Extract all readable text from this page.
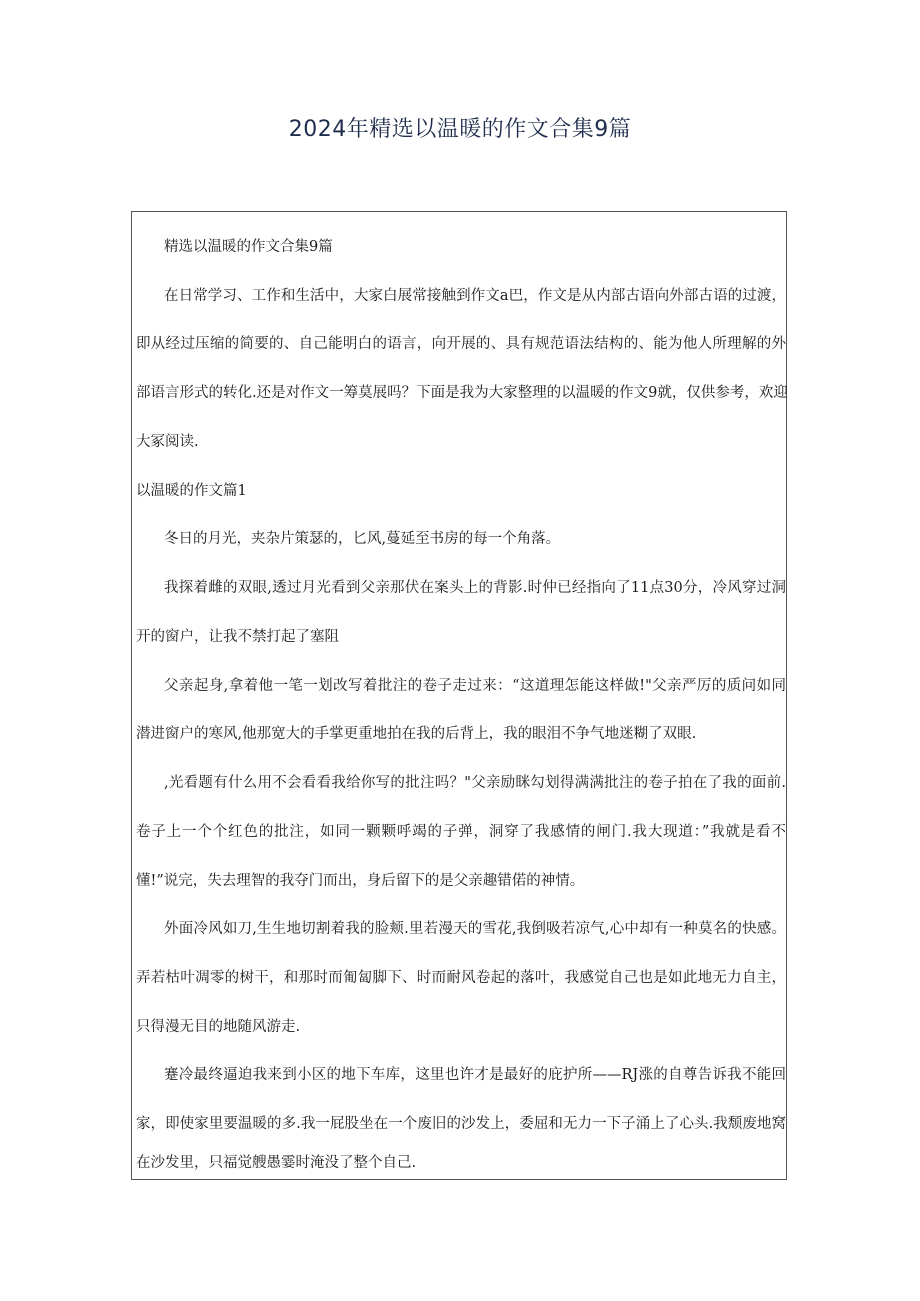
2024年精选以温暖的作文合集9篇
精选以温暖的作文合集9篇
在日常学习、工作和生活中，大家白展常接触到作文a巴，作文是从内部古语向外部古语的过渡，
即从经过压缩的简要的、自己能明白的语言，向开展的、具有规范语法结构的、能为他人所理解的外
部语言形式的转化.还是对作文一筹莫展吗？下面是我为大家整理的以温暖的作文9就，仅供参考，欢迎
大冢阅读.
以温暖的作文篇1
冬日的月光，夹杂片策瑟的，匕风,蔓延至书房的每一个角落。
我探着雌的双眼,透过月光看到父亲那伏在案头上的背影.时仲已经指向了11点30分，冷风穿过洞
开的窗户，让我不禁打起了塞阻
父亲起身,拿着他一笔一划改写着批注的卷子走过来：“这道理怎能这样做!"父亲严厉的质问如同
潜进窗户的寒风,他那宽大的手掌更重地拍在我的后背上，我的眼泪不争气地迷糊了双眼.
,光看题有什么用不会看看我给你写的批注吗？"父亲励眯勾划得满满批注的卷子拍在了我的面前.
卷子上一个个红色的批注，如同一颗颗呼竭的子弹，洞穿了我感情的闸门.我大现道：”我就是看不
懂!”说完，失去理智的我夺门而出，身后留下的是父亲趣错偌的神情。
外面冷风如刀,生生地切割着我的脸颊.里若漫天的雪花,我倒吸若凉气,心中却有一种莫名的快感。
弄若枯叶凋零的树干，和那时而匍匐脚下、时而耐风卷起的落叶，我感觉自己也是如此地无力自主，
只得漫无目的地随风游走.
蹇冷最终逼迫我来到小区的地下车库，这里也许才是最好的庇护所——RJ涨的自尊告诉我不能回
家，即使家里要温暖的多.我一屁股坐在一个废旧的沙发上，委屈和无力一下子涌上了心头.我颓废地窝
在沙发里，只福觉艘愚霎时淹没了整个自己.
